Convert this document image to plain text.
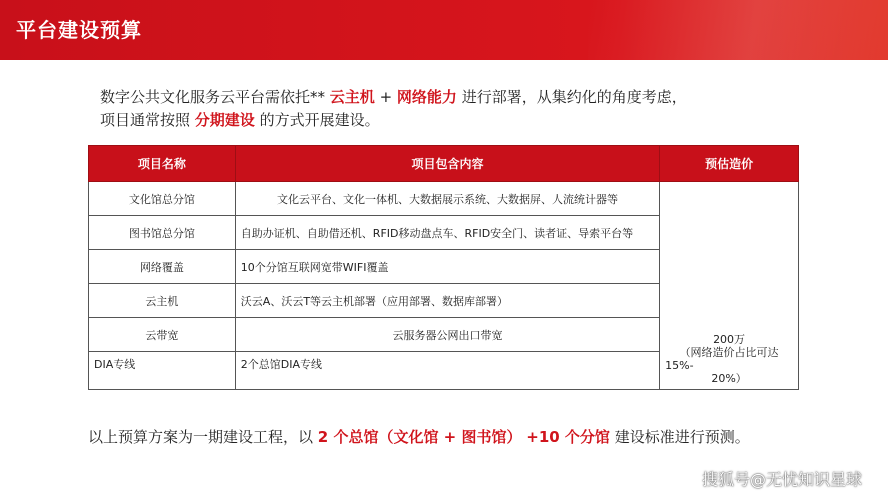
平台建设预算
数字公共文化服务云平台需依托** 云主机 + 网络能力 进行部署，从集约化的角度考虑，
项目通常按照 分期建设 的方式开展建设。
项目名称	项目包含内容	预估造价
文化馆总分馆	文化云平台、文化一体机、大数据展示系统、大数据屏、人流统计器等	200万
（网络造价占比可达
15%-
20%）

图书馆总分馆	自助办证机、自助借还机、RFID移动盘点车、RFID安全门、读者证、导索平台等	
网络覆盖	10个分馆互联网宽带WIFI覆盖	
云主机	沃云A、沃云T等云主机部署（应用部署、数据库部署）	
云带宽	云服务器公网出口带宽	
DIA专线	2个总馆DIA专线	
以上预算方案为一期建设工程，以 2 个总馆（文化馆 + 图书馆） +10 个分馆 建设标准进行预测。
搜狐号@无忧知识星球
